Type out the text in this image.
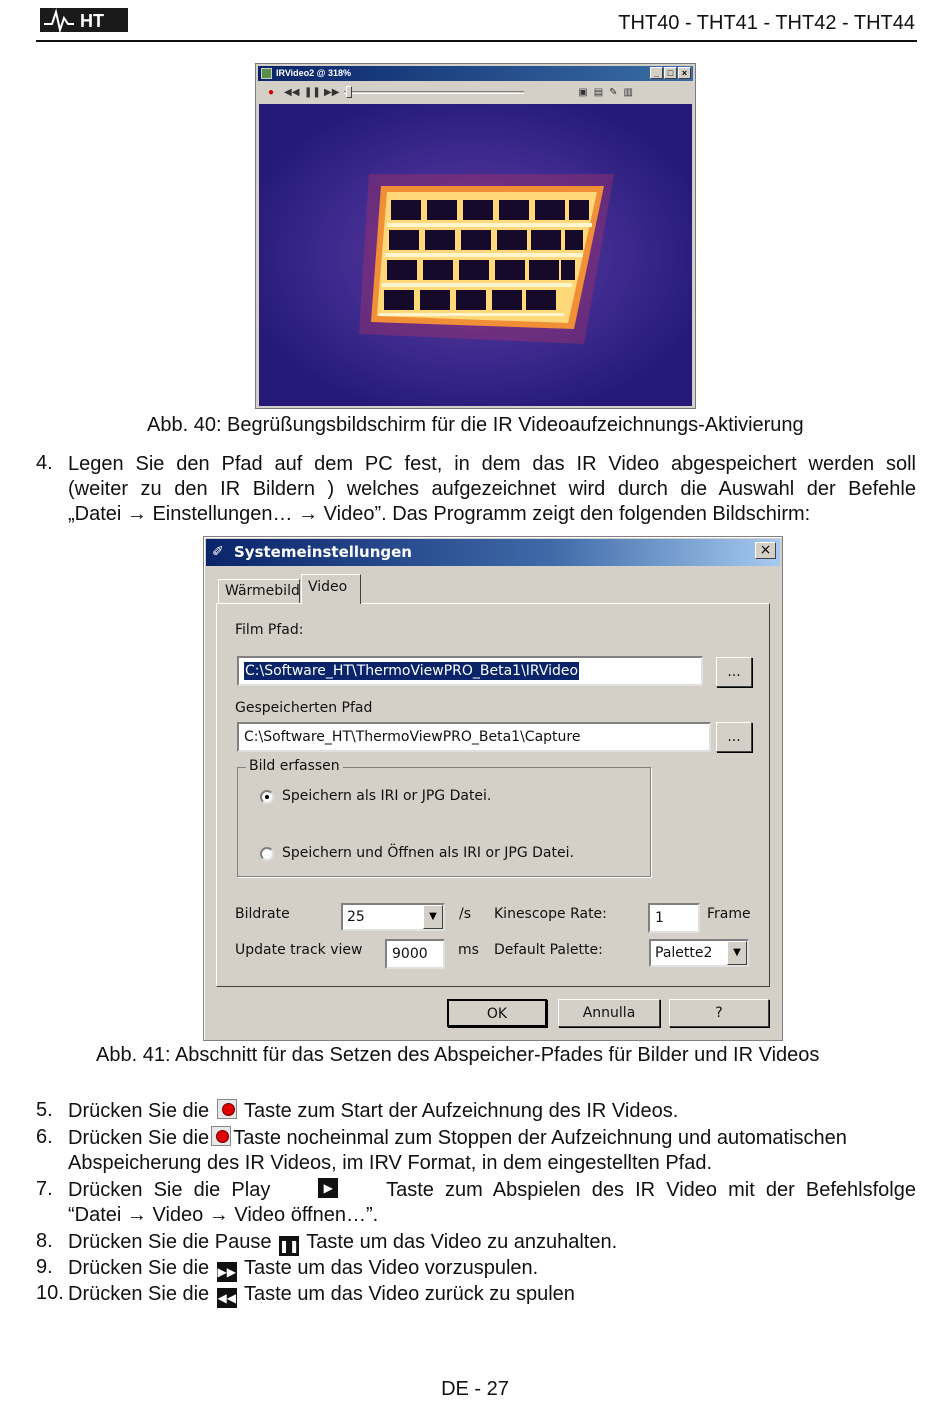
HT	THT40 - THT41 - THT42 - THT44
IRVideo2 @ 318%	_ □ ×
● ◀◀ ❚❚ ▶▶	▣ ▤ ✎ ▥
Abb. 40: Begrüßungsbildschirm für die IR Videoaufzeichnungs-Aktivierung
4. Legen Sie den Pfad auf dem PC fest, in dem das IR Video abgespeichert werden soll
(weiter zu den IR Bildern ) welches aufgezeichnet wird durch die Auswahl der Befehle
„Datei → Einstellungen… → Video”. Das Programm zeigt den folgenden Bildschirm:
✐ Systemeinstellungen	×
Wärmebild Video
Film Pfad:
C:\Software_HT\ThermoViewPRO_Beta1\IRVideo	...
Gespeicherten Pfad
C:\Software_HT\ThermoViewPRO_Beta1\Capture	...
Bild erfassen
Speichern als IRI or JPG Datei.
Speichern und Öffnen als IRI or JPG Datei.
Bildrate	25	▼	/s Kinescope Rate:	1	Frame
Update track view	9000	ms Default Palette:	Palette2	▼
OK	Annulla	?
Abb. 41: Abschnitt für das Setzen des Abspeicher-Pfades für Bilder und IR Videos
5. Drücken Sie die Taste zum Start der Aufzeichnung des IR Videos.
6. Drücken Sie die Taste nocheinmal zum Stoppen der Aufzeichnung und automatischen
Abspeicherung des IR Videos, im IRV Format, in dem eingestellten Pfad.
7. Drücken  Sie  die  Play	▶	Taste  zum  Abspielen  des  IR  Video  mit  der  Befehlsfolge
“Datei → Video → Video öffnen…”.
8. Drücken Sie die Pause ❚❚ Taste um das Video zu anzuhalten.
9. Drücken Sie die ▶▶ Taste um das Video vorzuspulen.
10. Drücken Sie die ◀◀ Taste um das Video zurück zu spulen
DE - 27
